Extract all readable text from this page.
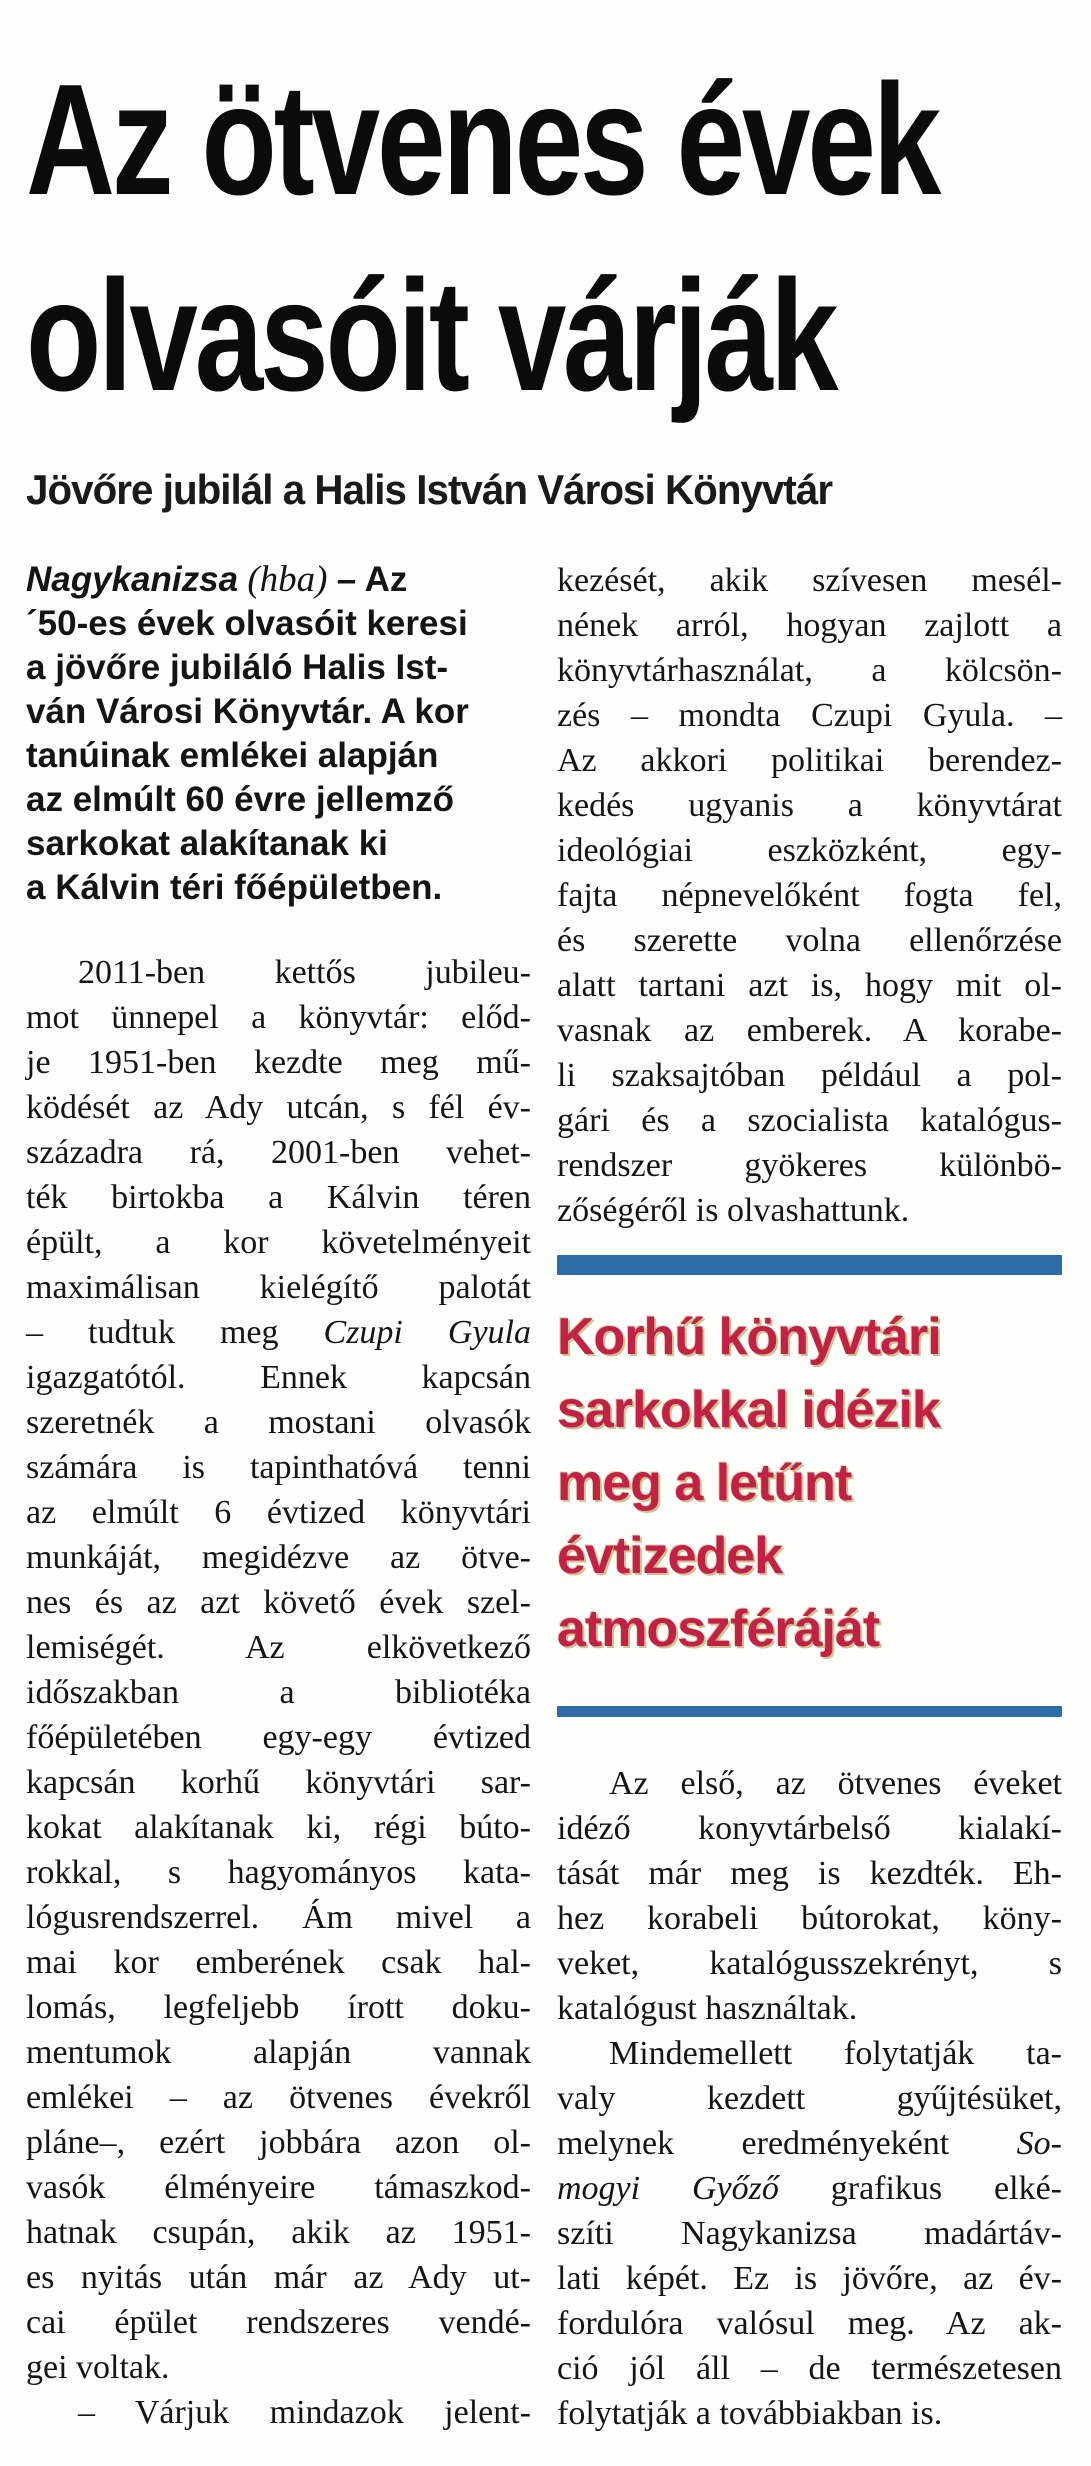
Az ötvenes évek
olvasóit várják
Jövőre jubilál a Halis István Városi Könyvtár
Nagykanizsa (hba) – Az
´50-es évek olvasóit keresi
a jövőre jubiláló Halis Ist-
ván Városi Könyvtár. A kor
tanúinak emlékei alapján
az elmúlt 60 évre jellemző
sarkokat alakítanak ki
a Kálvin téri főépületben.
2011-ben kettős jubileu-
mot ünnepel a könyvtár: előd-
je 1951-ben kezdte meg mű-
ködését az Ady utcán, s fél év-
századra rá, 2001-ben vehet-
ték birtokba a Kálvin téren
épült, a kor követelményeit
maximálisan kielégítő palotát
– tudtuk meg Czupi Gyula
igazgatótól. Ennek kapcsán
szeretnék a mostani olvasók
számára is tapinthatóvá tenni
az elmúlt 6 évtized könyvtári
munkáját, megidézve az ötve-
nes és az azt követő évek szel-
lemiségét. Az elkövetkező
időszakban a bibliotéka
főépületében egy-egy évtized
kapcsán korhű könyvtári sar-
kokat alakítanak ki, régi búto-
rokkal, s hagyományos kata-
lógusrendszerrel. Ám mivel a
mai kor emberének csak hal-
lomás, legfeljebb írott doku-
mentumok alapján vannak
emlékei – az ötvenes évekről
pláne–, ezért jobbára azon ol-
vasók élményeire támaszkod-
hatnak csupán, akik az 1951-
es nyitás után már az Ady ut-
cai épület rendszeres vendé-
gei voltak.
– Várjuk mindazok jelent-
kezését, akik szívesen mesél-
nének arról, hogyan zajlott a
könyvtárhasználat, a kölcsön-
zés – mondta Czupi Gyula. –
Az akkori politikai berendez-
kedés ugyanis a könyvtárat
ideológiai eszközként, egy-
fajta népnevelőként fogta fel,
és szerette volna ellenőrzése
alatt tartani azt is, hogy mit ol-
vasnak az emberek. A korabe-
li szaksajtóban például a pol-
gári és a szocialista katalógus-
rendszer gyökeres különbö-
zőségéről is olvashattunk.
Korhű könyvtári
sarkokkal idézik
meg a letűnt
évtizedek
atmoszféráját
Az első, az ötvenes éveket
idéző konyvtárbelső kialakí-
tását már meg is kezdték. Eh-
hez korabeli bútorokat, köny-
veket, katalógusszekrényt, s
katalógust használtak.
Mindemellett folytatják ta-
valy kezdett gyűjtésüket,
melynek eredményeként So-
mogyi Győző grafikus elké-
szíti Nagykanizsa madártáv-
lati képét. Ez is jövőre, az év-
fordulóra valósul meg. Az ak-
ció jól áll – de természetesen
folytatják a továbbiakban is.
